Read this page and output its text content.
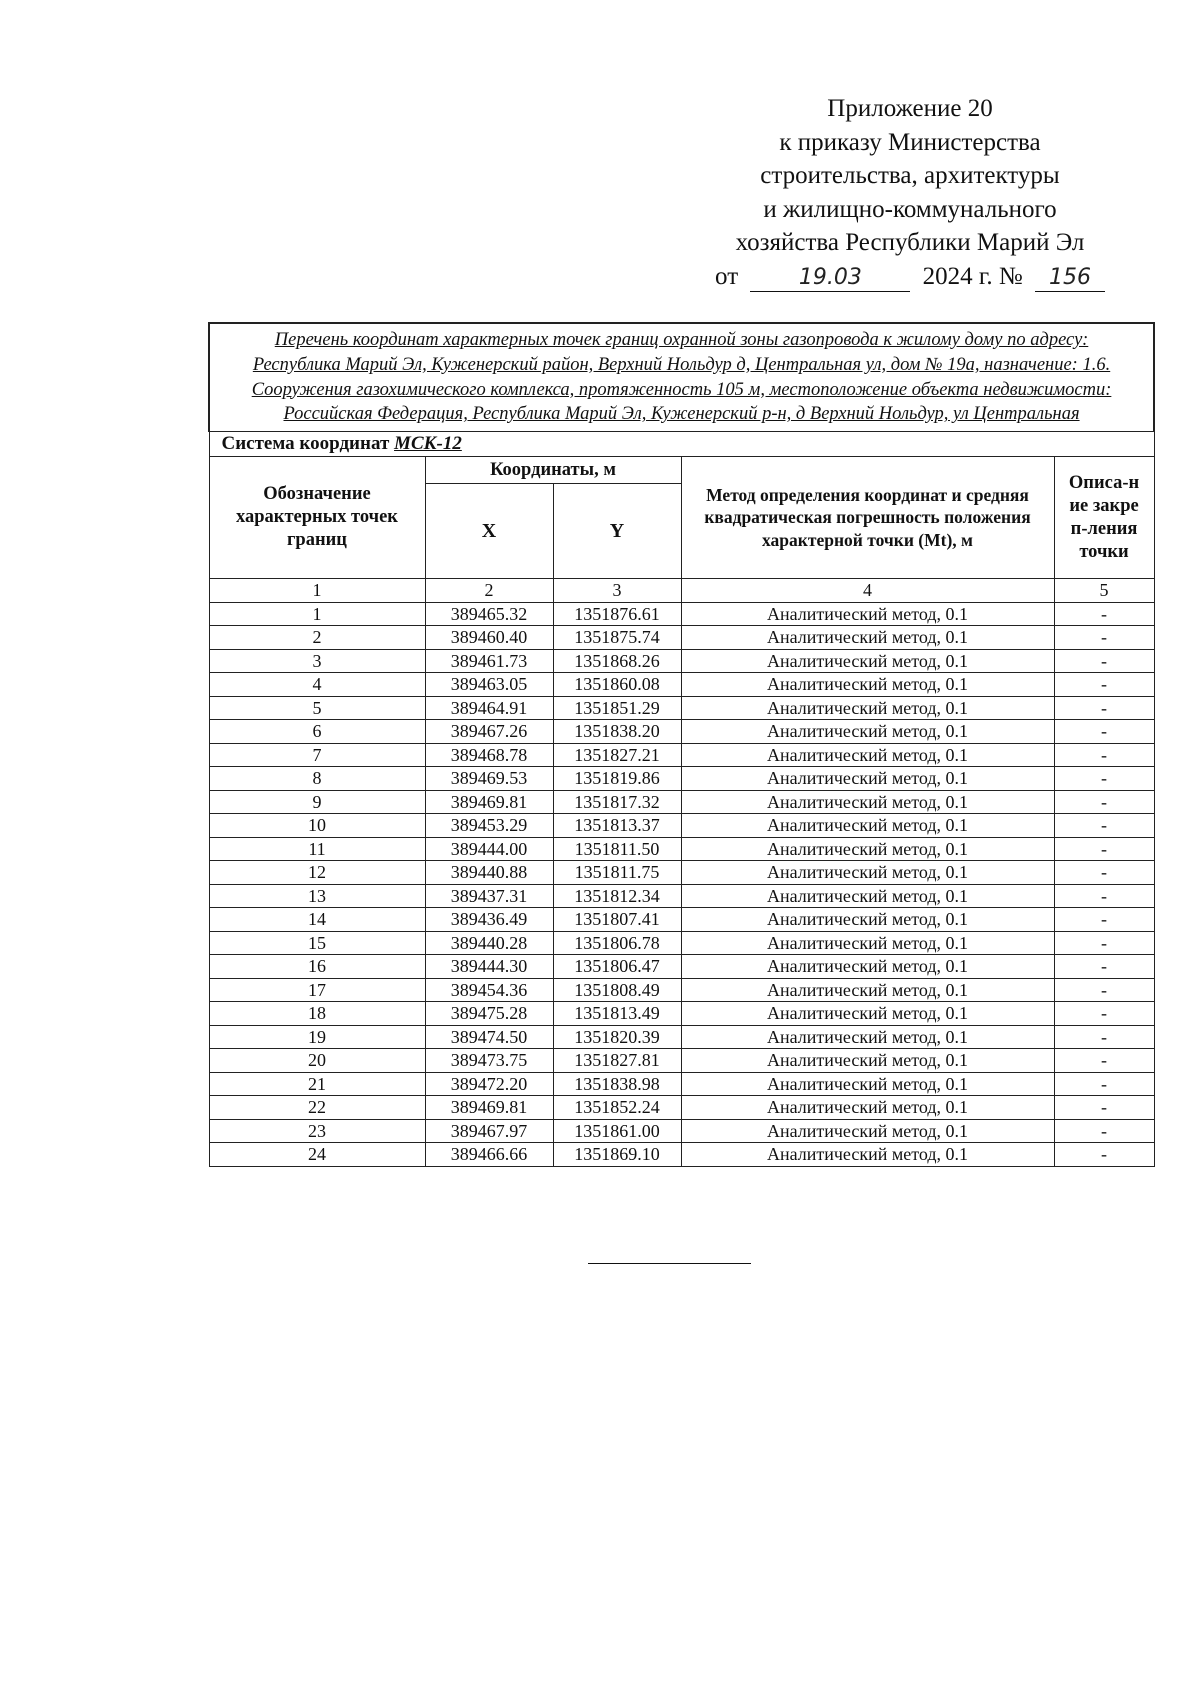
Приложение 20
к приказу Министерства
строительства, архитектуры
и жилищно-коммунального
хозяйства Республики Марий Эл
от	19.03 2024 г. № 156
Перечень координат характерных точек границ охранной зоны газопровода к жилому дому по адресу: Республика Марий Эл, Куженерский район, Верхний Нольдур д, Центральная ул, дом № 19а, назначение: 1.6. Сооружения газохимического комплекса, протяженность 105 м, местоположение объекта недвижимости: Российская Федерация, Республика Марий Эл, Куженерский р-н, д Верхний Нольдур, ул Центральная				
Система координат МСК-12				
Обозначение характерных точек границ	Координаты, м		Метод определения координат и средняя квадратическая погрешность положения характерной точки (Mt), м	Описа-ние закреп-ления точки
	X	Y		
1	2	3	4	5
1	389465.32	1351876.61	Аналитический метод, 0.1	-
2	389460.40	1351875.74	Аналитический метод, 0.1	-
3	389461.73	1351868.26	Аналитический метод, 0.1	-
4	389463.05	1351860.08	Аналитический метод, 0.1	-
5	389464.91	1351851.29	Аналитический метод, 0.1	-
6	389467.26	1351838.20	Аналитический метод, 0.1	-
7	389468.78	1351827.21	Аналитический метод, 0.1	-
8	389469.53	1351819.86	Аналитический метод, 0.1	-
9	389469.81	1351817.32	Аналитический метод, 0.1	-
10	389453.29	1351813.37	Аналитический метод, 0.1	-
11	389444.00	1351811.50	Аналитический метод, 0.1	-
12	389440.88	1351811.75	Аналитический метод, 0.1	-
13	389437.31	1351812.34	Аналитический метод, 0.1	-
14	389436.49	1351807.41	Аналитический метод, 0.1	-
15	389440.28	1351806.78	Аналитический метод, 0.1	-
16	389444.30	1351806.47	Аналитический метод, 0.1	-
17	389454.36	1351808.49	Аналитический метод, 0.1	-
18	389475.28	1351813.49	Аналитический метод, 0.1	-
19	389474.50	1351820.39	Аналитический метод, 0.1	-
20	389473.75	1351827.81	Аналитический метод, 0.1	-
21	389472.20	1351838.98	Аналитический метод, 0.1	-
22	389469.81	1351852.24	Аналитический метод, 0.1	-
23	389467.97	1351861.00	Аналитический метод, 0.1	-
24	389466.66	1351869.10	Аналитический метод, 0.1	-
